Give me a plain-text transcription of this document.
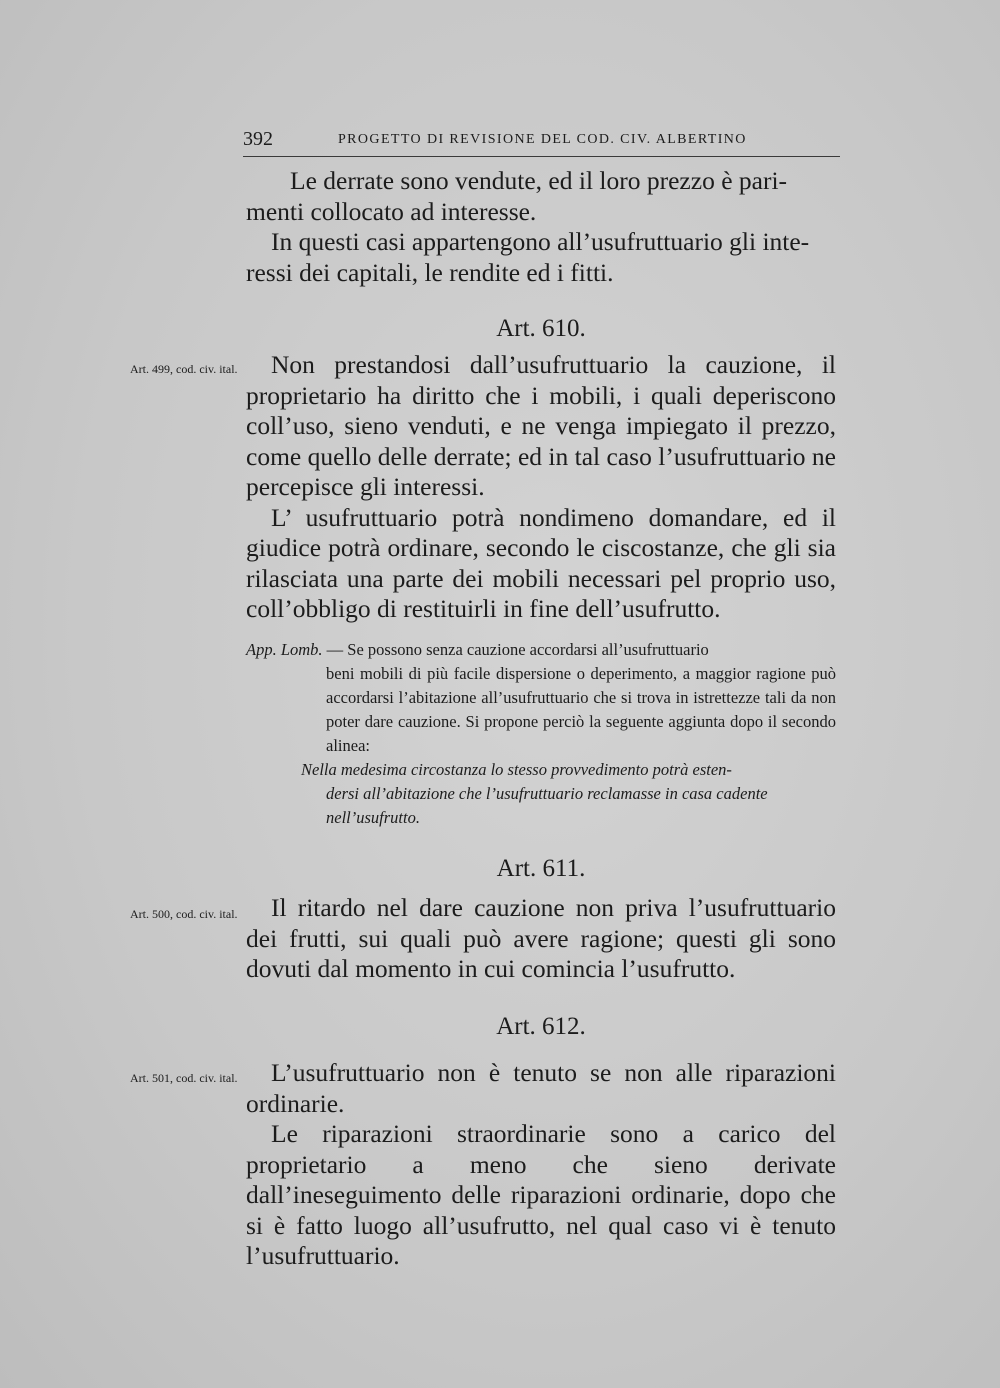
392	PROGETTO DI REVISIONE DEL COD. CIV. ALBERTINO

Le derrate sono vendute, ed il loro prezzo è pari-

menti collocato ad interesse.

In questi casi appartengono all’usufruttuario gli inte-

ressi dei capitali, le rendite ed i fitti.

Art. 610.
Art. 499, cod. civ. ital.	Non prestandosi dall’usufruttuario la cauzione, il proprietario ha diritto che i mobili, i quali deperiscono coll’uso, sieno venduti, e ne venga impiegato il prezzo, come quello delle derrate; ed in tal caso l’usufruttuario ne percepisce gli interessi.

L’ usufruttuario potrà nondimeno domandare, ed il giudice potrà ordinare, secondo le ciscostanze, che gli sia rilasciata una parte dei mobili necessari pel proprio uso, coll’obbligo di restituirli in fine dell’usufrutto.

App. Lomb. — Se possono senza cauzione accordarsi all’usufruttuario

beni mobili di più facile dispersione o deperimento, a maggior ragione può accordarsi l’abitazione all’usufruttuario che si trova in istrettezze tali da non poter dare cauzione. Si propone perciò la seguente aggiunta dopo il secondo alinea:

Nella medesima circostanza lo stesso provvedimento potrà esten-

dersi all’abitazione che l’usufruttuario reclamasse in casa cadente nell’usufrutto.

Art. 611.
Art. 500, cod. civ. ital.	Il ritardo nel dare cauzione non priva l’usufruttuario dei frutti, sui quali può avere ragione; questi gli sono dovuti dal momento in cui comincia l’usufrutto.

Art. 612.
Art. 501, cod. civ. ital.	L’usufruttuario non è tenuto se non alle riparazioni ordinarie.

Le riparazioni straordinarie sono a carico del proprietario a meno che sieno derivate dall’ineseguimento delle riparazioni ordinarie, dopo che si è fatto luogo all’usufrutto, nel qual caso vi è tenuto l’usufruttuario.
